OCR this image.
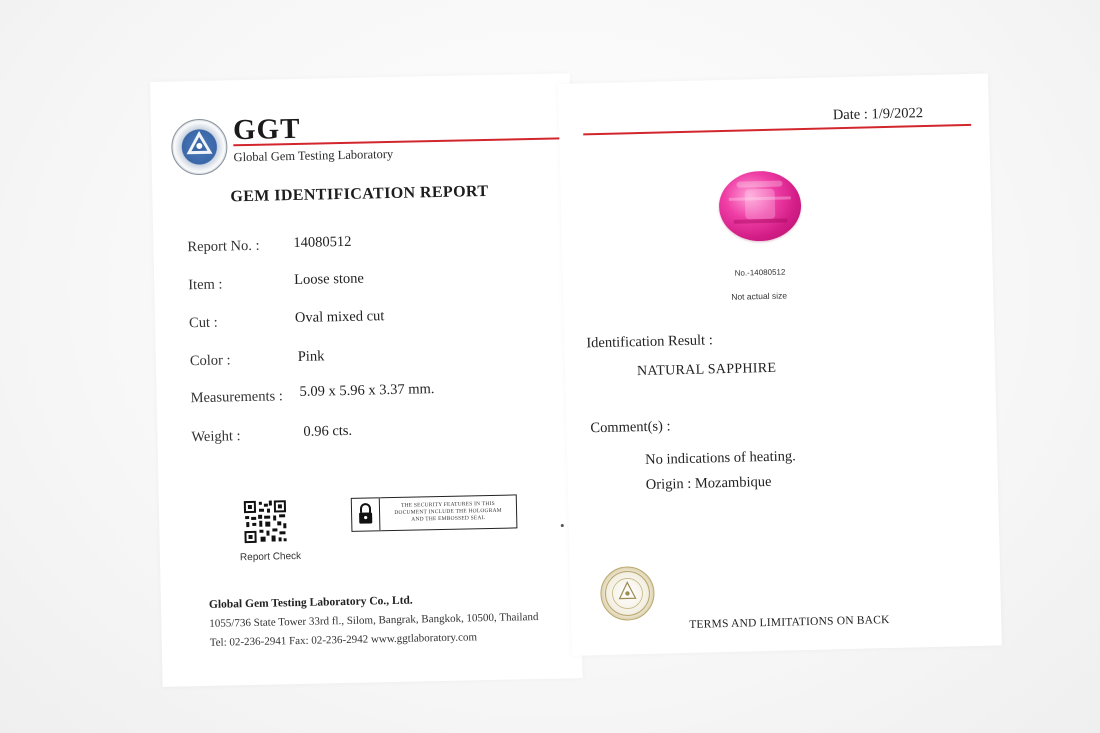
GGT
Global Gem Testing Laboratory
GEM IDENTIFICATION REPORT
Report No. : 14080512
Item :	Loose stone
Cut :	Oval mixed cut
Color :	Pink
Measurements : 5.09 x 5.96 x 3.37 mm.
Weight :	0.96 cts.
Report Check
THE SECURITY FEATURES IN THIS
DOCUMENT INCLUDE THE HOLOGRAM
AND THE EMBOSSED SEAL
Global Gem Testing Laboratory Co., Ltd.
1055/736 State Tower 33rd fl., Silom, Bangrak, Bangkok, 10500, Thailand
Tel: 02-236-2941 Fax: 02-236-2942 www.ggtlaboratory.com
Date : 1/9/2022
No.-14080512
Not actual size
Identification Result :
NATURAL SAPPHIRE
Comment(s) :
No indications of heating.
Origin : Mozambique
TERMS AND LIMITATIONS ON BACK
